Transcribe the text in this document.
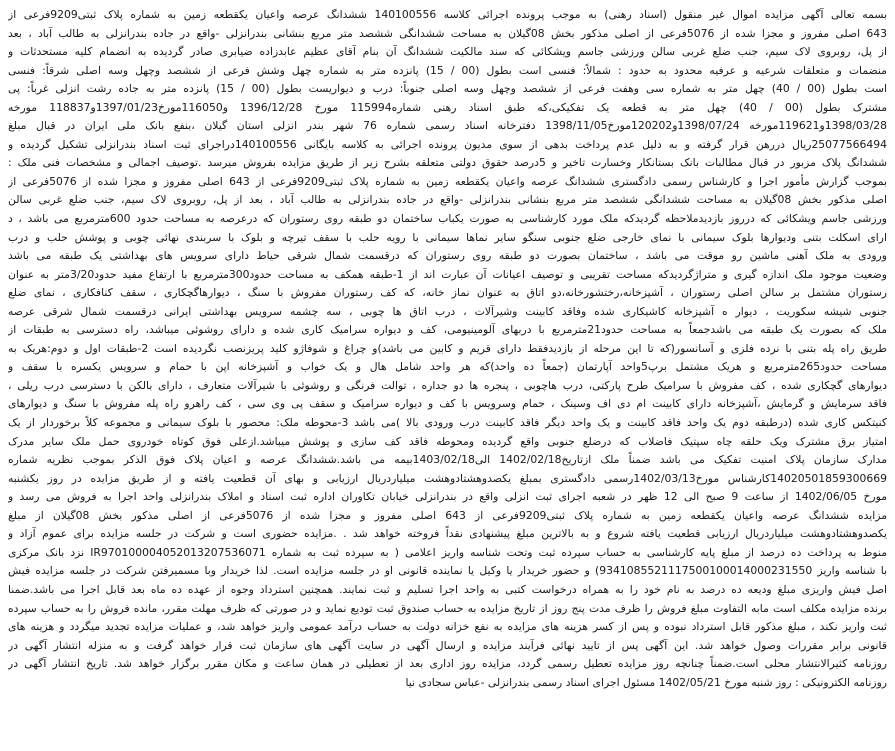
بسمه تعالی آگهی مزایده اموال غیر منقول (اسناد رهنی) به موجب پرونده اجرائی کلاسه 140100556 ششدانگ عرصه واعیان یکقطعه زمین به شماره پلاک ثبتی9209فرعی از
643 اصلی مفروز و مجزا شده از 5076فرعی از اصلی مذکور بخش 08گیلان به مساحت ششدانگی ششصد متر مربع بنشانی بندرانزلی -واقع در جاده بندرانزلی به طالب آباد ، بعد
از پل، روبروی لاک سیم، جنب ضلع غربی سالن ورزشی جاسم ویشکائی که سند مالکیت ششدانگ آن بنام آقای عظیم عابدزاده ضیابری صادر گردیده به انضمام کلیه مستحدثات و
منضمات و متعلقات شرعیه و عرفیه محدود به حدود : شمالاً: فنسی است بطول (00 / 15) پانزده متر به شماره چهل وشش فرعی از ششصد وچهل وسه اصلی شرقاً: فنسی
است بطول (00 / 40) چهل متر به شماره سی وهفت فرعی از ششصد وچهل وسه اصلی جنوباً: درب و دیواریست بطول (00 / 15) پانزده متر به جاده رشت انزلی غرباً: پی
مشترک بطول (00 / 40) چهل متر به قطعه یک تفکیکی،که طبق اسناد رهنی شماره115994 مورخ 1396/12/28 و116050مورخ1397/01/23و118837 مورخه
1398/03/28و119621مورخه 1398/07/24و120202مورخ1398/11/05 دفترخانه اسناد رسمی شماره 76 شهر بندر انزلی استان گیلان ،بنفع بانک ملی ایران در قبال مبلغ
25077566494ریال دررهن قرار گرفته و به دلیل عدم پرداخت بدهی از سوی مدیون پرونده اجرائی به کلاسه بایگانی 140100556دراجرای ثبت اسناد بندرانزلی تشکیل گردیده و
ششدانگ پلاک مزبور در قبال مطالبات بانک بستانکار وخسارت تاخیر و 5درصد حقوق دولتی متعلقه بشرح زیر از طریق مزایده بفروش میرسد .توصیف اجمالی و مشخصات فنی ملک :
بموجب گزارش مأمور اجرا و کارشناس رسمی دادگستری ششدانگ عرصه واعیان یکقطعه زمین به شماره پلاک ثبتی9209فرعی از 643 اصلی مفروز و مجزا شده از 5076فرعی از
اصلی مذکور بخش 08گیلان به مساحت ششدانگی ششصد متر مربع بنشانی بندرانزلی -واقع در جاده بندرانزلی به طالب آباد ، بعد از پل، روبروی لاک سیم، جنب ضلع غربی سالن
ورزشی جاسم ویشکائی که درروز بازدیدملاحظه گردیدکه ملک مورد کارشناسی به صورت یکباب ساختمان دو طبقه روی رستوران که درعرصه به مساحت حدود 600مترمربع می باشد ، د
ارای اسکلت بتنی ودیوارها بلوک سیمانی با نمای خارجی ضلع جنوبی سنگو سایر نماها سیمانی با رویه حلب با سقف تیرچه و بلوک با سربندی نهائی چوبی و پوشش حلب و درب
ورودی به ملک آهنی ماشین رو موقت می باشد ، ساختمان بصورت دو طبقه روی رستوران که درقسمت شمال شرقی حیاط دارای سرویس های بهداشتی یک طبقه می باشد
وضعیت موجود ملک اندازه گیری و متراژگردیدکه مساحت تقریبی و توصیف اعیانات آن عبارت اند از 1-طبقه همکف به مساحت حدود300مترمربع با ارتفاع مفید حدود3/20متر به عنوان
رستوران مشتمل بر سالن اصلی رستوران ، آشپزخانه،رختشورخانه،دو اتاق به عنوان نماز خانه، که کف رستوران مفروش با سنگ ، دیوارهاگچکاری ، سقف کنافکاری ، نمای ضلع
جنوبی شیشه سکوریت ، دیوار ه آشپزخانه کاشیکاری شده وفاقد کابینت وشیرآلات ، درب اتاق ها چوبی ، سه چشمه سرویس بهداشتی ایرانی درقسمت شمال شرقی عرصه
ملک که بصورت یک طبقه می باشدجمعاً به مساحت حدود21مترمربع با دربهای آلومینیومی، کف و دیواره سرامیک کاری شده و دارای روشوئی میباشد، راه دسترسی به طبقات از
طریق راه پله بتنی با نرده فلزی و آسانسور(که تا این مرحله از بازدیدفقط دارای قریم و کابین می باشد)و چراغ و شوفاژو کلید پریزنصب نگردیده است 2-طبقات اول و دوم:هریک به
مساحت حدود265مترمربع و هریک مشتمل برپ5واحد آپارتمان (جمعاً ده واحد)که هر واحد شامل هال و یک خواب و آشپزخانه اپن با حمام و سرویس یکسره با سقف و
دیوارهای گچکاری شده ، کف مفروش با سرامیک طرح پارکتی، درب هاچوبی ، پنجره ها دو جداره ، توالت فرنگی و روشوئی با شیرآلات متعارف ، دارای بالکن با دسترسی درب ریلی ،
فاقد سرمایش و گرمایش ،آشپزخانه دارای کابینت ام دی اف وسینک ، حمام وسرویس با کف و دیواره سرامیک و سقف پی وی سی ، کف راهرو راه پله مفروش با سنگ و دیوارهای
کنیتکس کاری شده (درطبقه دوم یک واحد فاقد کابینت و یک واحد دیگر فاقد کابینت درب ورودی بالا )می باشد 3-محوطه ملک: محصور با بلوک سیمانی و مجموعه کلاً برخوردار از یک
امتیاز برق مشترک ویک حلقه چاه سپتیک فاضلاب که درضلع جنوبی واقع گردیده ومحوطه فاقد کف سازی و پوشش میباشد.ازعلی فوق کوتاه خودروی حمل ملک سایر مدرک
مدارک سازمان پلاک امنیت تفکیک می باشد ضمناً ملک ازتاریخ1402/02/18 الی1403/02/18بیمه می باشد.ششدانگ عرصه و اعیان پلاک فوق الذکر بموجب نظریه شماره
14020501859300669کارشناس مورخ1402/03/13رسمی دادگستری بمبلغ یکصدوهشتادوهشت میلیاردریال ارزیابی و بهای آن قطعیت یافته و از طریق مزایده در روز یکشنبه
مورخ 1402/06/05 از ساعت 9 صبح الی 12 ظهر در شعبه اجرای ثبت انزلی واقع در بندرانزلی خیابان تکاوران اداره ثبت اسناد و املاک بندرانزلی واحد اجرا به فروش می رسد و
مزایده ششدانگ عرصه واعیان یکقطعه زمین به شماره پلاک ثبتی9209فرعی از 643 اصلی مفروز و مجزا شده از 5076فرعی از اصلی مذکور بخش 08گیلان از مبلغ
یکصدوهشتادوهشت میلیاردریال ارزیابی قطعیت یافته شروع و به بالاترین مبلغ پیشنهادی نقداً فروخته خواهد شد . .مزایده حضوری است و شرکت در جلسه مزایده برای عموم آزاد و
منوط به پرداخت ده درصد از مبلغ پایه کارشناسی به حساب سپرده ثبت وتحت شناسه واریز اعلامی ( به سپرده ثبت به شماره IR970100004052013207536071 نزد بانک مرکزی
با شناسه واریز 9341085521117500100014000231550) و حضور خریدار یا وکیل یا نماینده قانونی او در جلسه مزایده است. لذا خریدار وبا مسمیرفتن شرکت در جلسه مزایده فیش
اصل فیش واریزی مبلغ ودیعه ده درصد به نام خود را به همراه درخواست کتبی به واحد اجرا تسلیم و ثبت نمایند. همچنین استرداد وجوه از عهده ده ماه بعد قابل اجرا می باشد.ضمنا
برنده مزایده مکلف است مابه التفاوت مبلغ فروش را ظرف مدت پنج روز از تاریخ مزایده به حساب صندوق ثبت توديع نمايد و در صورتی که ظرف مهلت مقرر، مانده فروش را به حساب سپرده
ثبت واریز نکند ، مبلغ مذکور قابل استرداد نبوده و پس از کسر هزینه های مزایده به نفع خزانه دولت به حساب درآمد عمومی واریز خواهد شد، و عملیات مزایده تجدید میگردد و هزینه های
قانونی برابر مقررات وصول خواهد شد. این آگهی پس از تایید نهائی فرآیند مزایده و ارسال آگهی در سایت آگهی های سازمان ثبت قرار خواهد گرفت و به منزله انتشار آگهی در
روزنامه کثیرالانتشار محلی است.ضمناً چنانچه روز مزایده تعطیل رسمی گردد، مزایده روز اداری بعد از تعطیلی در همان ساعت و مکان مقرر برگزار خواهد شد. تاریخ انتشار آگهی در
روزنامه الکترونیکی : روز شنبه مورخ 1402/05/21 مسئول اجرای اسناد رسمی بندرانزلی -عباس سجادی نیا
